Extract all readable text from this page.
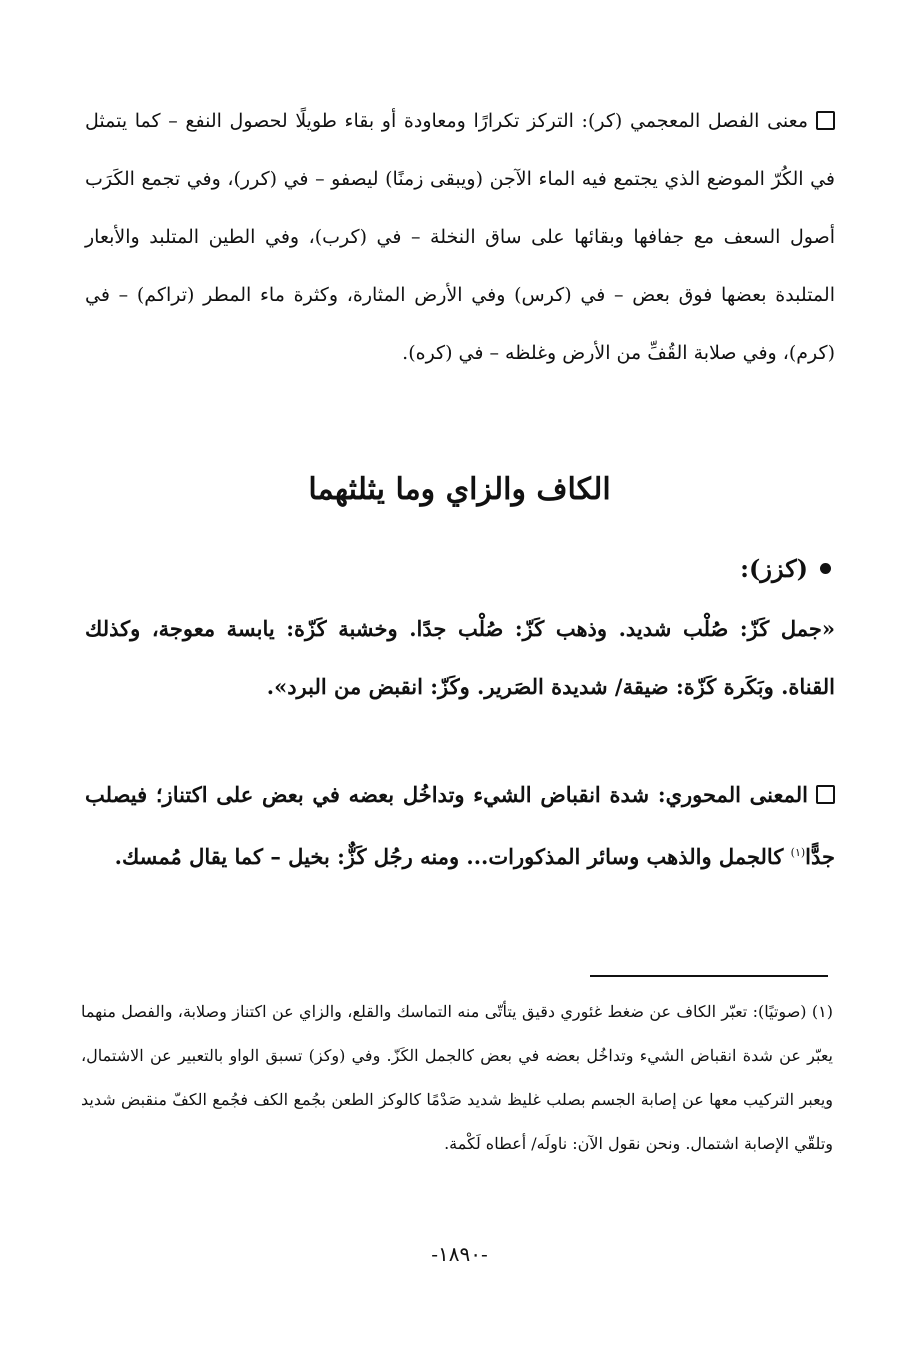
معنى الفصل المعجمي (كر): التركز تكرارًا ومعاودة أو بقاء طويلًا لحصول النفع – كما يتمثل في الكُرّ الموضع الذي يجتمع فيه الماء الآجن (ويبقى زمنًا) ليصفو – في (كرر)، وفي تجمع الكَرَب أصول السعف مع جفافها وبقائها على ساق النخلة – في (كرب)، وفي الطين المتلبد والأبعار المتلبدة بعضها فوق بعض – في (كرس) وفي الأرض المثارة، وكثرة ماء المطر (تراكم) – في (كرم)، وفي صلابة القُفِّ من الأرض وغلظه – في (كره).
الكاف والزاي وما يثلثهما
(كزز):
«جمل كَزّ: صُلْب شديد. وذهب كَزّ: صُلْب جدًا. وخشبة كَزّة: يابسة معوجة، وكذلك القناة. وبَكَرة كَزّة: ضيقة/ شديدة الصَرير. وكَزّ: انقبض من البرد».
المعنى المحوري: شدة انقباض الشيء وتداخُل بعضه في بعض على اكتناز؛ فيصلب جدًّا$^{(١)}$ كالجمل والذهب وسائر المذكورات... ومنه رجُل كَزٌّ: بخيل – كما يقال مُمسك.
(١) (صوتيًا): تعبّر الكاف عن ضغط غئوري دقيق يتأتّى منه التماسك والقلع، والزاي عن اكتناز وصلابة، والفصل منهما يعبّر عن شدة انقباض الشيء وتداخُل بعضه في بعض كالجمل الكَزّ. وفي (وكز) تسبق الواو بالتعبير عن الاشتمال، ويعبر التركيب معها عن إصابة الجسم بصلب غليظ شديد صَدْمًا كالوكز الطعن بجُمع الكف فجُمع الكفّ منقبض شديد وتلقّي الإصابة اشتمال. ونحن نقول الآن: ناولَه/ أعطاه لَكْمة.
-١٨٩٠-
